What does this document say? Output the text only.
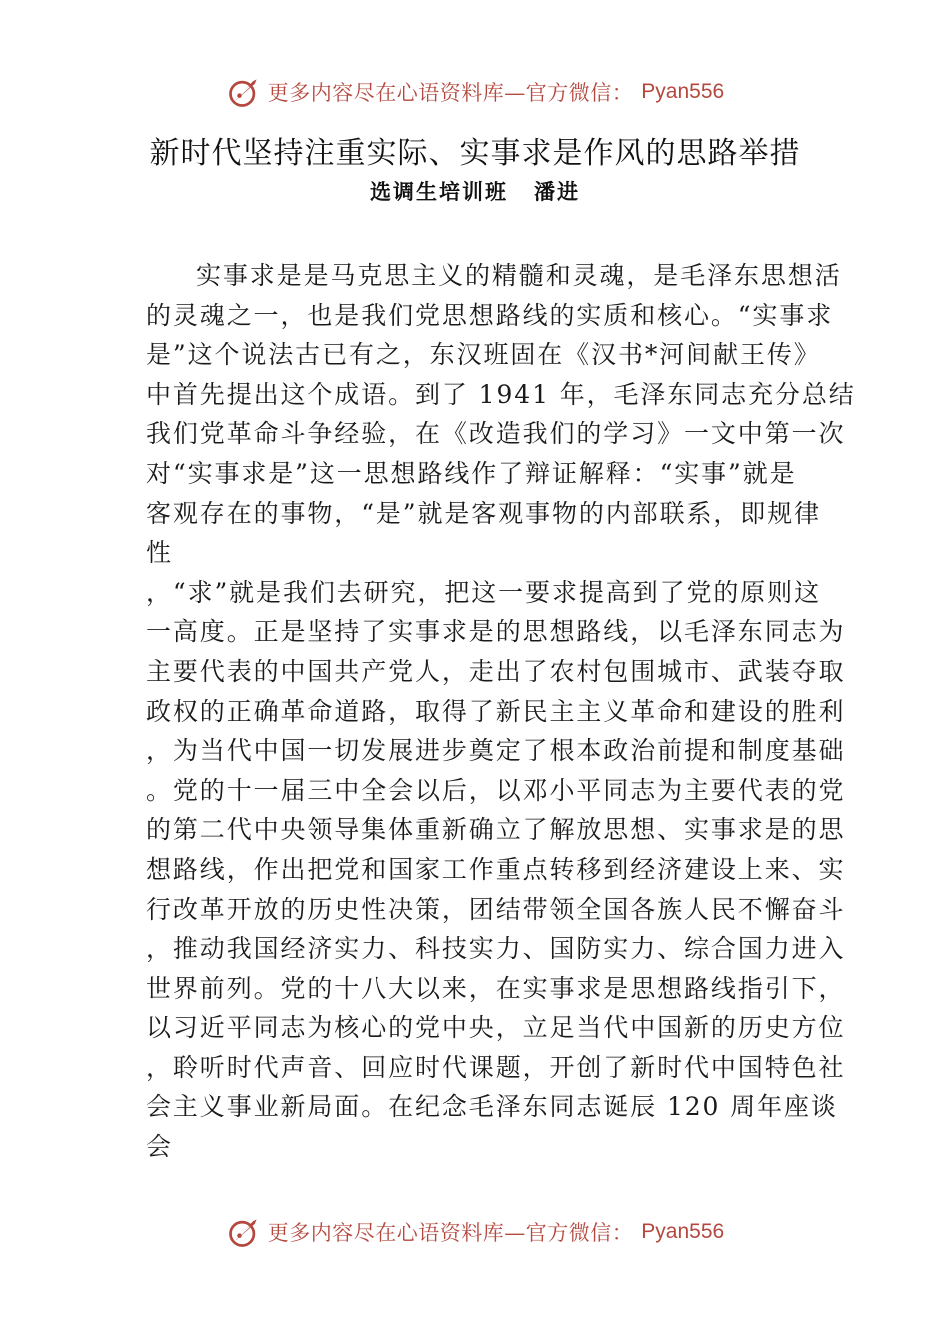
更多内容尽在心语资料库—官方微信： Pyan556
新时代坚持注重实际、实事求是作风的思路举措
选调生培训班 潘进
实事求是是马克思主义的精髓和灵魂，是毛泽东思想活
的灵魂之一，也是我们党思想路线的实质和核心。“实事求
是”这个说法古已有之，东汉班固在《汉书*河间献王传》
中首先提出这个成语。到了 1941 年，毛泽东同志充分总结
我们党革命斗争经验，在《改造我们的学习》一文中第一次
对“实事求是”这一思想路线作了辩证解释：“实事”就是
客观存在的事物，“是”就是客观事物的内部联系，即规律
性
，“求”就是我们去研究，把这一要求提高到了党的原则这
一高度。正是坚持了实事求是的思想路线，以毛泽东同志为
主要代表的中国共产党人，走出了农村包围城市、武装夺取
政权的正确革命道路，取得了新民主主义革命和建设的胜利
，为当代中国一切发展进步奠定了根本政治前提和制度基础
。党的十一届三中全会以后，以邓小平同志为主要代表的党
的第二代中央领导集体重新确立了解放思想、实事求是的思
想路线，作出把党和国家工作重点转移到经济建设上来、实
行改革开放的历史性决策，团结带领全国各族人民不懈奋斗
，推动我国经济实力、科技实力、国防实力、综合国力进入
世界前列。党的十八大以来，在实事求是思想路线指引下，
以习近平同志为核心的党中央，立足当代中国新的历史方位
，聆听时代声音、回应时代课题，开创了新时代中国特色社
会主义事业新局面。在纪念毛泽东同志诞辰 120 周年座谈
会
更多内容尽在心语资料库—官方微信： Pyan556
